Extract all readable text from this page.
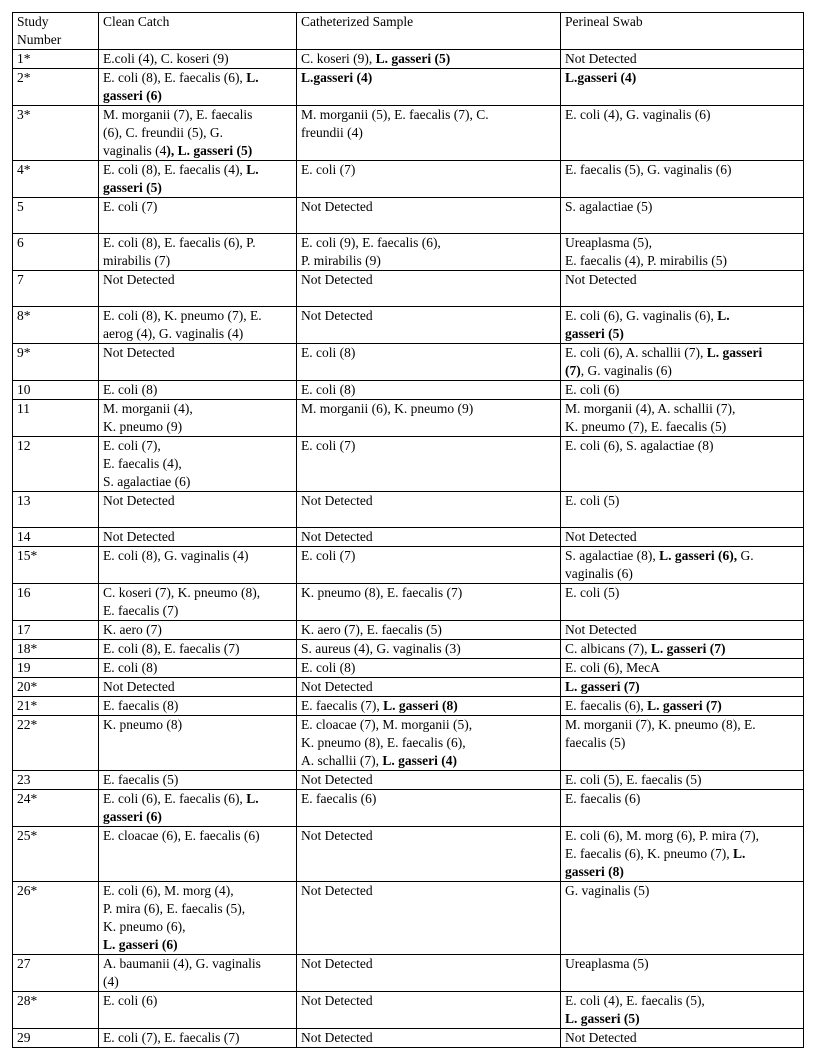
Study
Number	Clean Catch	Catheterized Sample	Perineal Swab

1*	E.coli (4), C. koseri (9)	C. koseri (9), L. gasseri (5)	Not Detected

2*	E. coli (8), E. faecalis (6), L.
gasseri (6)	L.gasseri (4)	L.gasseri (4)

3*	M. morganii (7), E. faecalis
(6), C. freundii (5), G.
vaginalis (4), L. gasseri (5)	M. morganii (5), E. faecalis (7), C.
freundii (4)	E. coli (4), G. vaginalis (6)

4*	E. coli (8), E. faecalis (4), L.
gasseri (5)	E. coli (7)	E. faecalis (5), G. vaginalis (6)

5	E. coli (7)	Not Detected	S. agalactiae (5)

6	E. coli (8), E. faecalis (6), P.
mirabilis (7)	E. coli (9), E. faecalis (6),
P. mirabilis (9)	Ureaplasma (5),
E. faecalis (4), P. mirabilis (5)

7	Not Detected	Not Detected	Not Detected

8*	E. coli (8), K. pneumo (7), E.
aerog (4), G. vaginalis (4)	Not Detected	E. coli (6), G. vaginalis (6), L.
gasseri (5)

9*	Not Detected	E. coli (8)	E. coli (6), A. schallii (7), L. gasseri
(7), G. vaginalis (6)

10	E. coli (8)	E. coli (8)	E. coli (6)

11	M. morganii (4),
K. pneumo (9)	M. morganii (6), K. pneumo (9)	M. morganii (4), A. schallii (7),
K. pneumo (7), E. faecalis (5)

12	E. coli (7),
E. faecalis (4),
S. agalactiae (6)	E. coli (7)	E. coli (6), S. agalactiae (8)

13	Not Detected	Not Detected	E. coli (5)

14	Not Detected	Not Detected	Not Detected

15*	E. coli (8), G. vaginalis (4)	E. coli (7)	S. agalactiae (8), L. gasseri (6), G.
vaginalis (6)

16	C. koseri (7), K. pneumo (8),
E. faecalis (7)	K. pneumo (8), E. faecalis (7)	E. coli (5)

17	K. aero (7)	K. aero (7), E. faecalis (5)	Not Detected

18*	E. coli (8), E. faecalis (7)	S. aureus (4), G. vaginalis (3)	C. albicans (7), L. gasseri (7)

19	E. coli (8)	E. coli (8)	E. coli (6), MecA

20*	Not Detected	Not Detected	L. gasseri (7)

21*	E. faecalis (8)	E. faecalis (7), L. gasseri (8)	E. faecalis (6), L. gasseri (7)

22*	K. pneumo (8)	E. cloacae (7), M. morganii (5),
K. pneumo (8), E. faecalis (6),
A. schallii (7), L. gasseri (4)	M. morganii (7), K. pneumo (8), E.
faecalis (5)

23	E. faecalis (5)	Not Detected	E. coli (5), E. faecalis (5)

24*	E. coli (6), E. faecalis (6), L.
gasseri (6)	E. faecalis (6)	E. faecalis (6)

25*	E. cloacae (6), E. faecalis (6)	Not Detected	E. coli (6), M. morg (6), P. mira (7),
E. faecalis (6), K. pneumo (7), L.
gasseri (8)

26*	E. coli (6), M. morg (4),
P. mira (6), E. faecalis (5),
K. pneumo (6),
L. gasseri (6)	Not Detected	G. vaginalis (5)

27	A. baumanii (4), G. vaginalis
(4)	Not Detected	Ureaplasma (5)

28*	E. coli (6)	Not Detected	E. coli (4), E. faecalis (5),
L. gasseri (5)

29	E. coli (7), E. faecalis (7)	Not Detected	Not Detected
